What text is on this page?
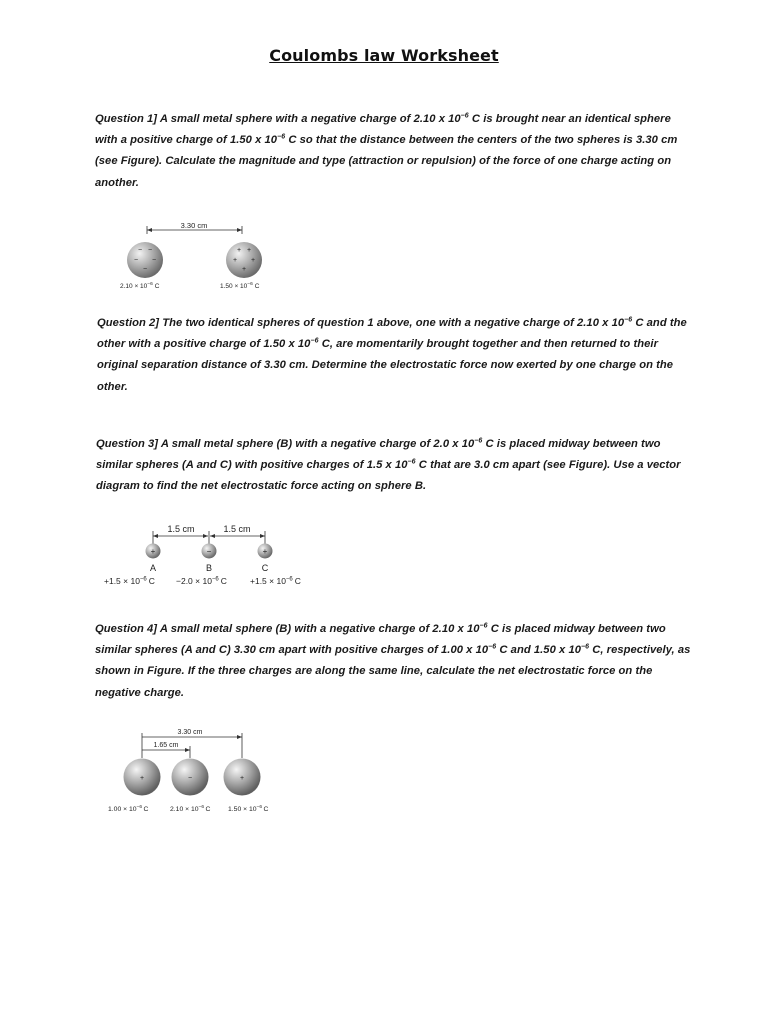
Coulombs law Worksheet
Question 1] A small metal sphere with a negative charge of 2.10 x $10^{-6}$ C is brought near an identical sphere with a positive charge of 1.50 x $10^{-6}$ C so that the distance between the centers of the two spheres is 3.30 cm (see Figure). Calculate the magnitude and type (attraction or repulsion) of the force of one charge acting on another.
3.30 cm
− −
− −
−
+ +
+ +
+
$2.10 \times 10^{-6}$ C	$1.50 \times 10^{-6}$ C
Question 2] The two identical spheres of question 1 above, one with a negative charge of 2.10 x $10^{-6}$ C and the other with a positive charge of 1.50 x $10^{-6}$ C, are momentarily brought together and then returned to their original separation distance of 3.30 cm. Determine the electrostatic force now exerted by one charge on the other.
Question 3] A small metal sphere (B) with a negative charge of 2.0 x $10^{-6}$ C is placed midway between two similar spheres (A and C) with positive charges of 1.5 x $10^{-6}$ C that are 3.0 cm apart (see Figure). Use a vector diagram to find the net electrostatic force acting on sphere B.
1.5 cm	1.5 cm
+	−	+
A	B	C
$+1.5 \times 10^{-6}$ $C -2.0 \times 10^{-6}$ C	$+1.5 \times 10^{-6}$ C
Question 4] A small metal sphere (B) with a negative charge of 2.10 x $10^{-6}$ C is placed midway between two similar spheres (A and C) 3.30 cm apart with positive charges of 1.00 x $10^{-6}$ C and 1.50 x $10^{-6}$ C, respectively, as shown in Figure. If the three charges are along the same line, calculate the net electrostatic force on the negative charge.
3.30 cm
1.65 cm
+	−	+
$1.00 \times 10^{-6}$ C	$2.10 \times 10^{-6}$ C	$1.50 \times 10^{-6}$ C
